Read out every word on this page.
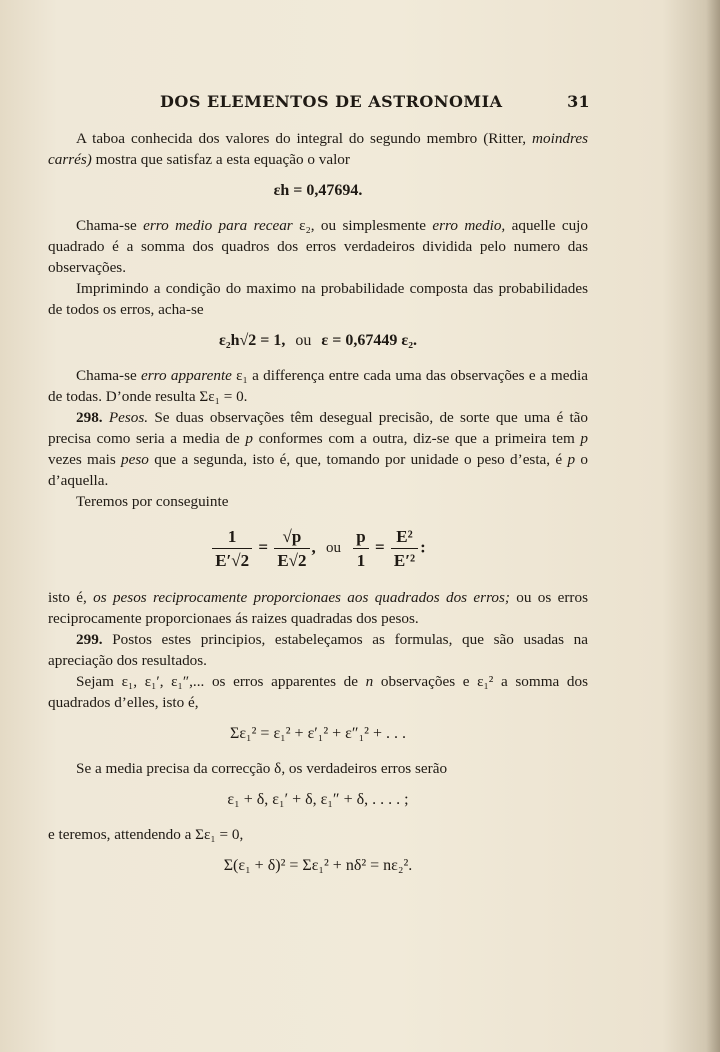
DOS ELEMENTOS DE ASTRONOMIA	31

A taboa conhecida dos valores do integral do segundo membro (Ritter, moindres carrés) mostra que satisfaz a esta equação o valor

εh = 0,47694.

Chama-se erro medio para recear ε₂, ou simplesmente erro medio, aquelle cujo quadrado é a somma dos quadros dos erros verdadeiros dividida pelo numero das observações.

Imprimindo a condição do maximo na probabilidade composta das probabilidades de todos os erros, acha-se

ε₂h√2 = 1, ou ε = 0,67449 ε₂.

Chama-se erro apparente ε₁ a differença entre cada uma das observações e a media de todas. D’onde resulta Σε₁ = 0.

298. Pesos. Se duas observações têm desegual precisão, de sorte que uma é tão precisa como seria a media de p conformes com a outra, diz-se que a primeira tem p vezes mais peso que a segunda, isto é, que, tomando por unidade o peso d’esta, é p o d’aquella.

Teremos por conseguinte

$\frac{1}{E'√2} = \frac{√p}{E√2}$ , ou $\frac{p}{1} = \frac{\text{E²}}{\text{E′²}}$ :

isto é, os pesos reciprocamente proporcionaes aos quadrados dos erros; ou os erros reciprocamente proporcionaes ás raizes quadradas dos pesos.

299. Postos estes principios, estabeleçamos as formulas, que são usadas na apreciação dos resultados.

Sejam ε₁, ε₁′, ε₁″,... os erros apparentes de n observações e ε₁² a somma dos quadrados d’elles, isto é,

Σε₁² = ε₁² + ε′₁² + ε″₁² + . . .

Se a media precisa da correcção δ, os verdadeiros erros serão

ε₁ + δ, ε₁′ + δ, ε₁″ + δ, . . . . ;

e teremos, attendendo a Σε₁ = 0,

Σ(ε₁ + δ)² = Σε₁² + nδ² = nε₂².
